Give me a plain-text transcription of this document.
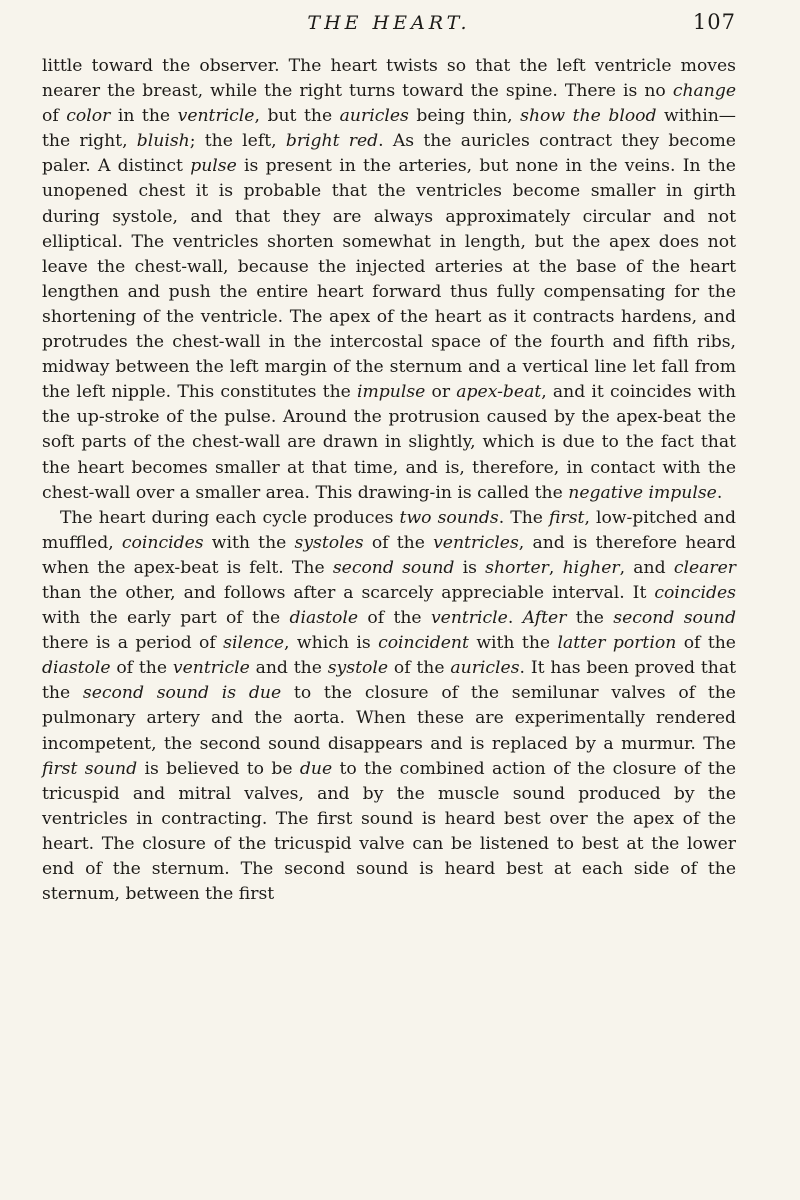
THE HEART.	107

little toward the observer. The heart twists so that the left ventricle moves nearer the breast, while the right turns toward the spine. There is no change of color in the ventricle, but the auricles being thin, show the blood within—the right, bluish; the left, bright red. As the auricles contract they become paler. A distinct pulse is present in the arteries, but none in the veins. In the unopened chest it is probable that the ventricles become smaller in girth during systole, and that they are always approximately circular and not elliptical. The ventricles shorten somewhat in length, but the apex does not leave the chest-wall, because the injected arteries at the base of the heart lengthen and push the entire heart forward thus fully compensating for the shortening of the ventricle. The apex of the heart as it contracts hardens, and protrudes the chest-wall in the intercostal space of the fourth and fifth ribs, midway between the left margin of the sternum and a vertical line let fall from the left nipple. This constitutes the impulse or apex-beat, and it coincides with the up-stroke of the pulse. Around the protrusion caused by the apex-beat the soft parts of the chest-wall are drawn in slightly, which is due to the fact that the heart becomes smaller at that time, and is, therefore, in contact with the chest-wall over a smaller area. This drawing-in is called the negative impulse.

The heart during each cycle produces two sounds. The first, low-pitched and muffled, coincides with the systoles of the ventricles, and is therefore heard when the apex-beat is felt. The second sound is shorter, higher, and clearer than the other, and follows after a scarcely appreciable interval. It coincides with the early part of the diastole of the ventricle. After the second sound there is a period of silence, which is coincident with the latter portion of the diastole of the ventricle and the systole of the auricles. It has been proved that the second sound is due to the closure of the semilunar valves of the pulmonary artery and the aorta. When these are experimentally rendered incompetent, the second sound disappears and is replaced by a murmur. The first sound is believed to be due to the combined action of the closure of the tricuspid and mitral valves, and by the muscle sound produced by the ventricles in contracting. The first sound is heard best over the apex of the heart. The closure of the tricuspid valve can be listened to best at the lower end of the sternum. The second sound is heard best at each side of the sternum, between the first
